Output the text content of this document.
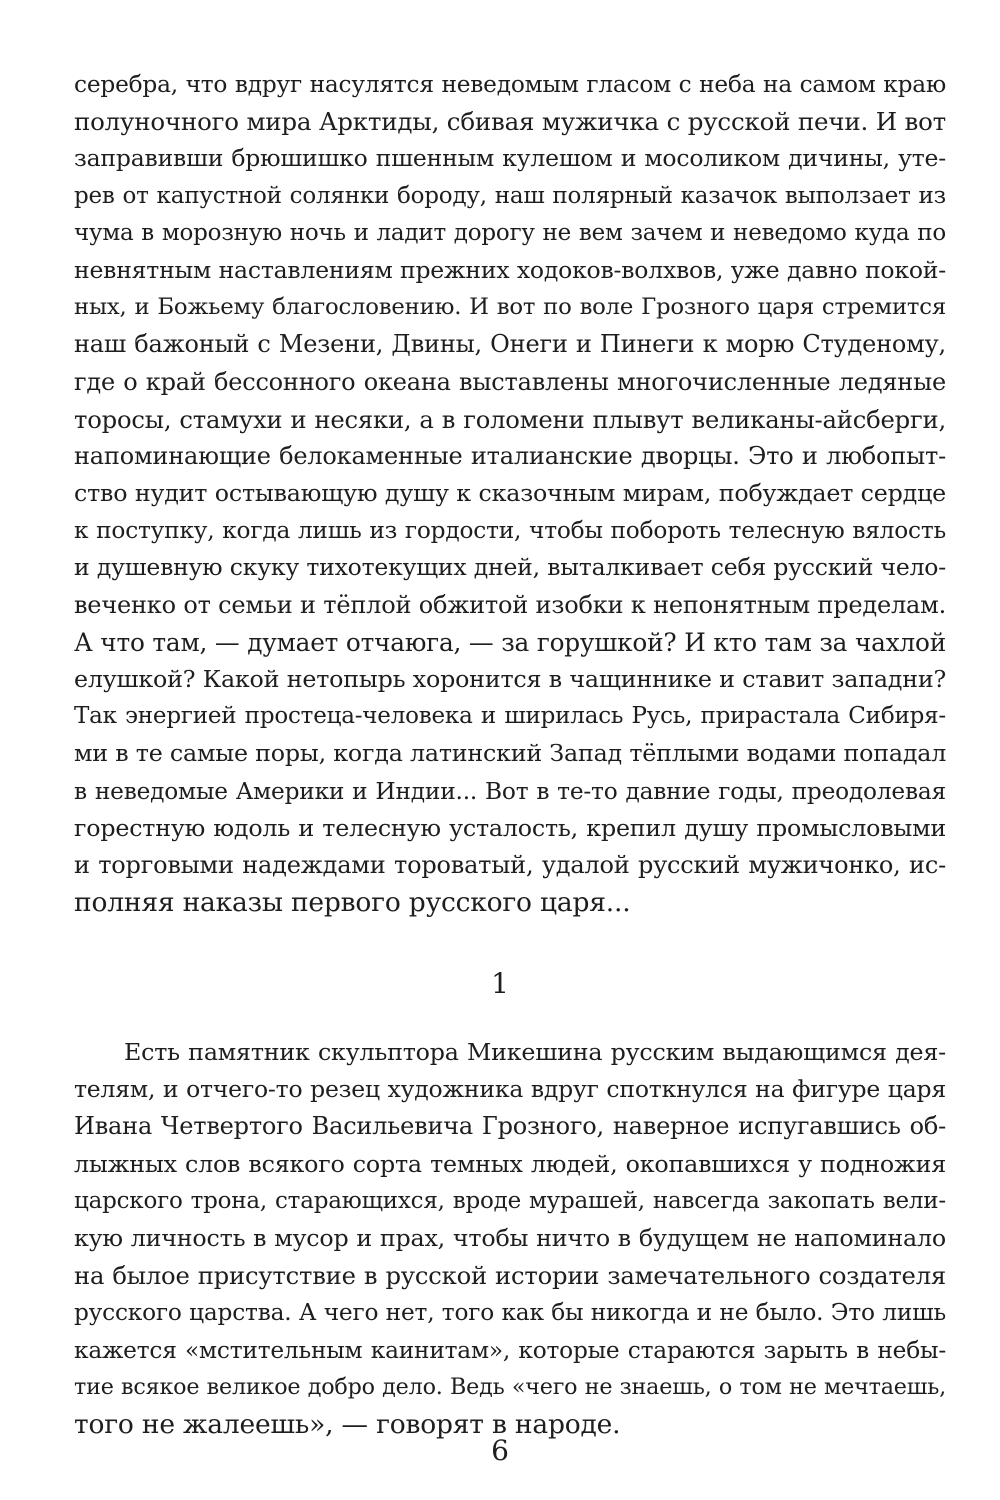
серебра, что вдруг насулятся неведомым гласом с неба на самом краю
полуночного мира Арктиды, сбивая мужичка с русской печи. И вот
заправивши брюшишко пшенным кулешом и мосоликом дичины, уте-
рев от капустной солянки бороду, наш полярный казачок выползает из
чума в морозную ночь и ладит дорогу не вем зачем и неведомо куда по
невнятным наставлениям прежних ходоков-волхвов, уже давно покой-
ных, и Божьему благословению. И вот по воле Грозного царя стремится
наш бажоный с Мезени, Двины, Онеги и Пинеги к морю Студеному,
где о край бессонного океана выставлены многочисленные ледяные
торосы, стамухи и несяки, а в голомени плывут великаны-айсберги,
напоминающие белокаменные италианские дворцы. Это и любопыт-
ство нудит остывающую душу к сказочным мирам, побуждает сердце
к поступку, когда лишь из гордости, чтобы побороть телесную вялость
и душевную скуку тихотекущих дней, выталкивает себя русский чело-
веченко от семьи и тёплой обжитой изобки к непонятным пределам.
А что там, — думает отчаюга, — за горушкой? И кто там за чахлой
елушкой? Какой нетопырь хоронится в чащиннике и ставит западни?
Так энергией простеца-человека и ширилась Русь, прирастала Сибиря-
ми в те самые поры, когда латинский Запад тёплыми водами попадал
в неведомые Америки и Индии... Вот в те-то давние годы, преодолевая
горестную юдоль и телесную усталость, крепил душу промысловыми
и торговыми надеждами тороватый, удалой русский мужичонко, ис-
полняя наказы первого русского царя...
1
Есть памятник скульптора Микешина русским выдающимся дея-
телям, и отчего-то резец художника вдруг споткнулся на фигуре царя
Ивана Четвертого Васильевича Грозного, наверное испугавшись об-
лыжных слов всякого сорта темных людей, окопавшихся у подножия
царского трона, старающихся, вроде мурашей, навсегда закопать вели-
кую личность в мусор и прах, чтобы ничто в будущем не напоминало
на былое присутствие в русской истории замечательного создателя
русского царства. А чего нет, того как бы никогда и не было. Это лишь
кажется «мстительным каинитам», которые стараются зарыть в небы-
тие всякое великое добро дело. Ведь «чего не знаешь, о том не мечтаешь,
того не жалеешь», — говорят в народе.
6
